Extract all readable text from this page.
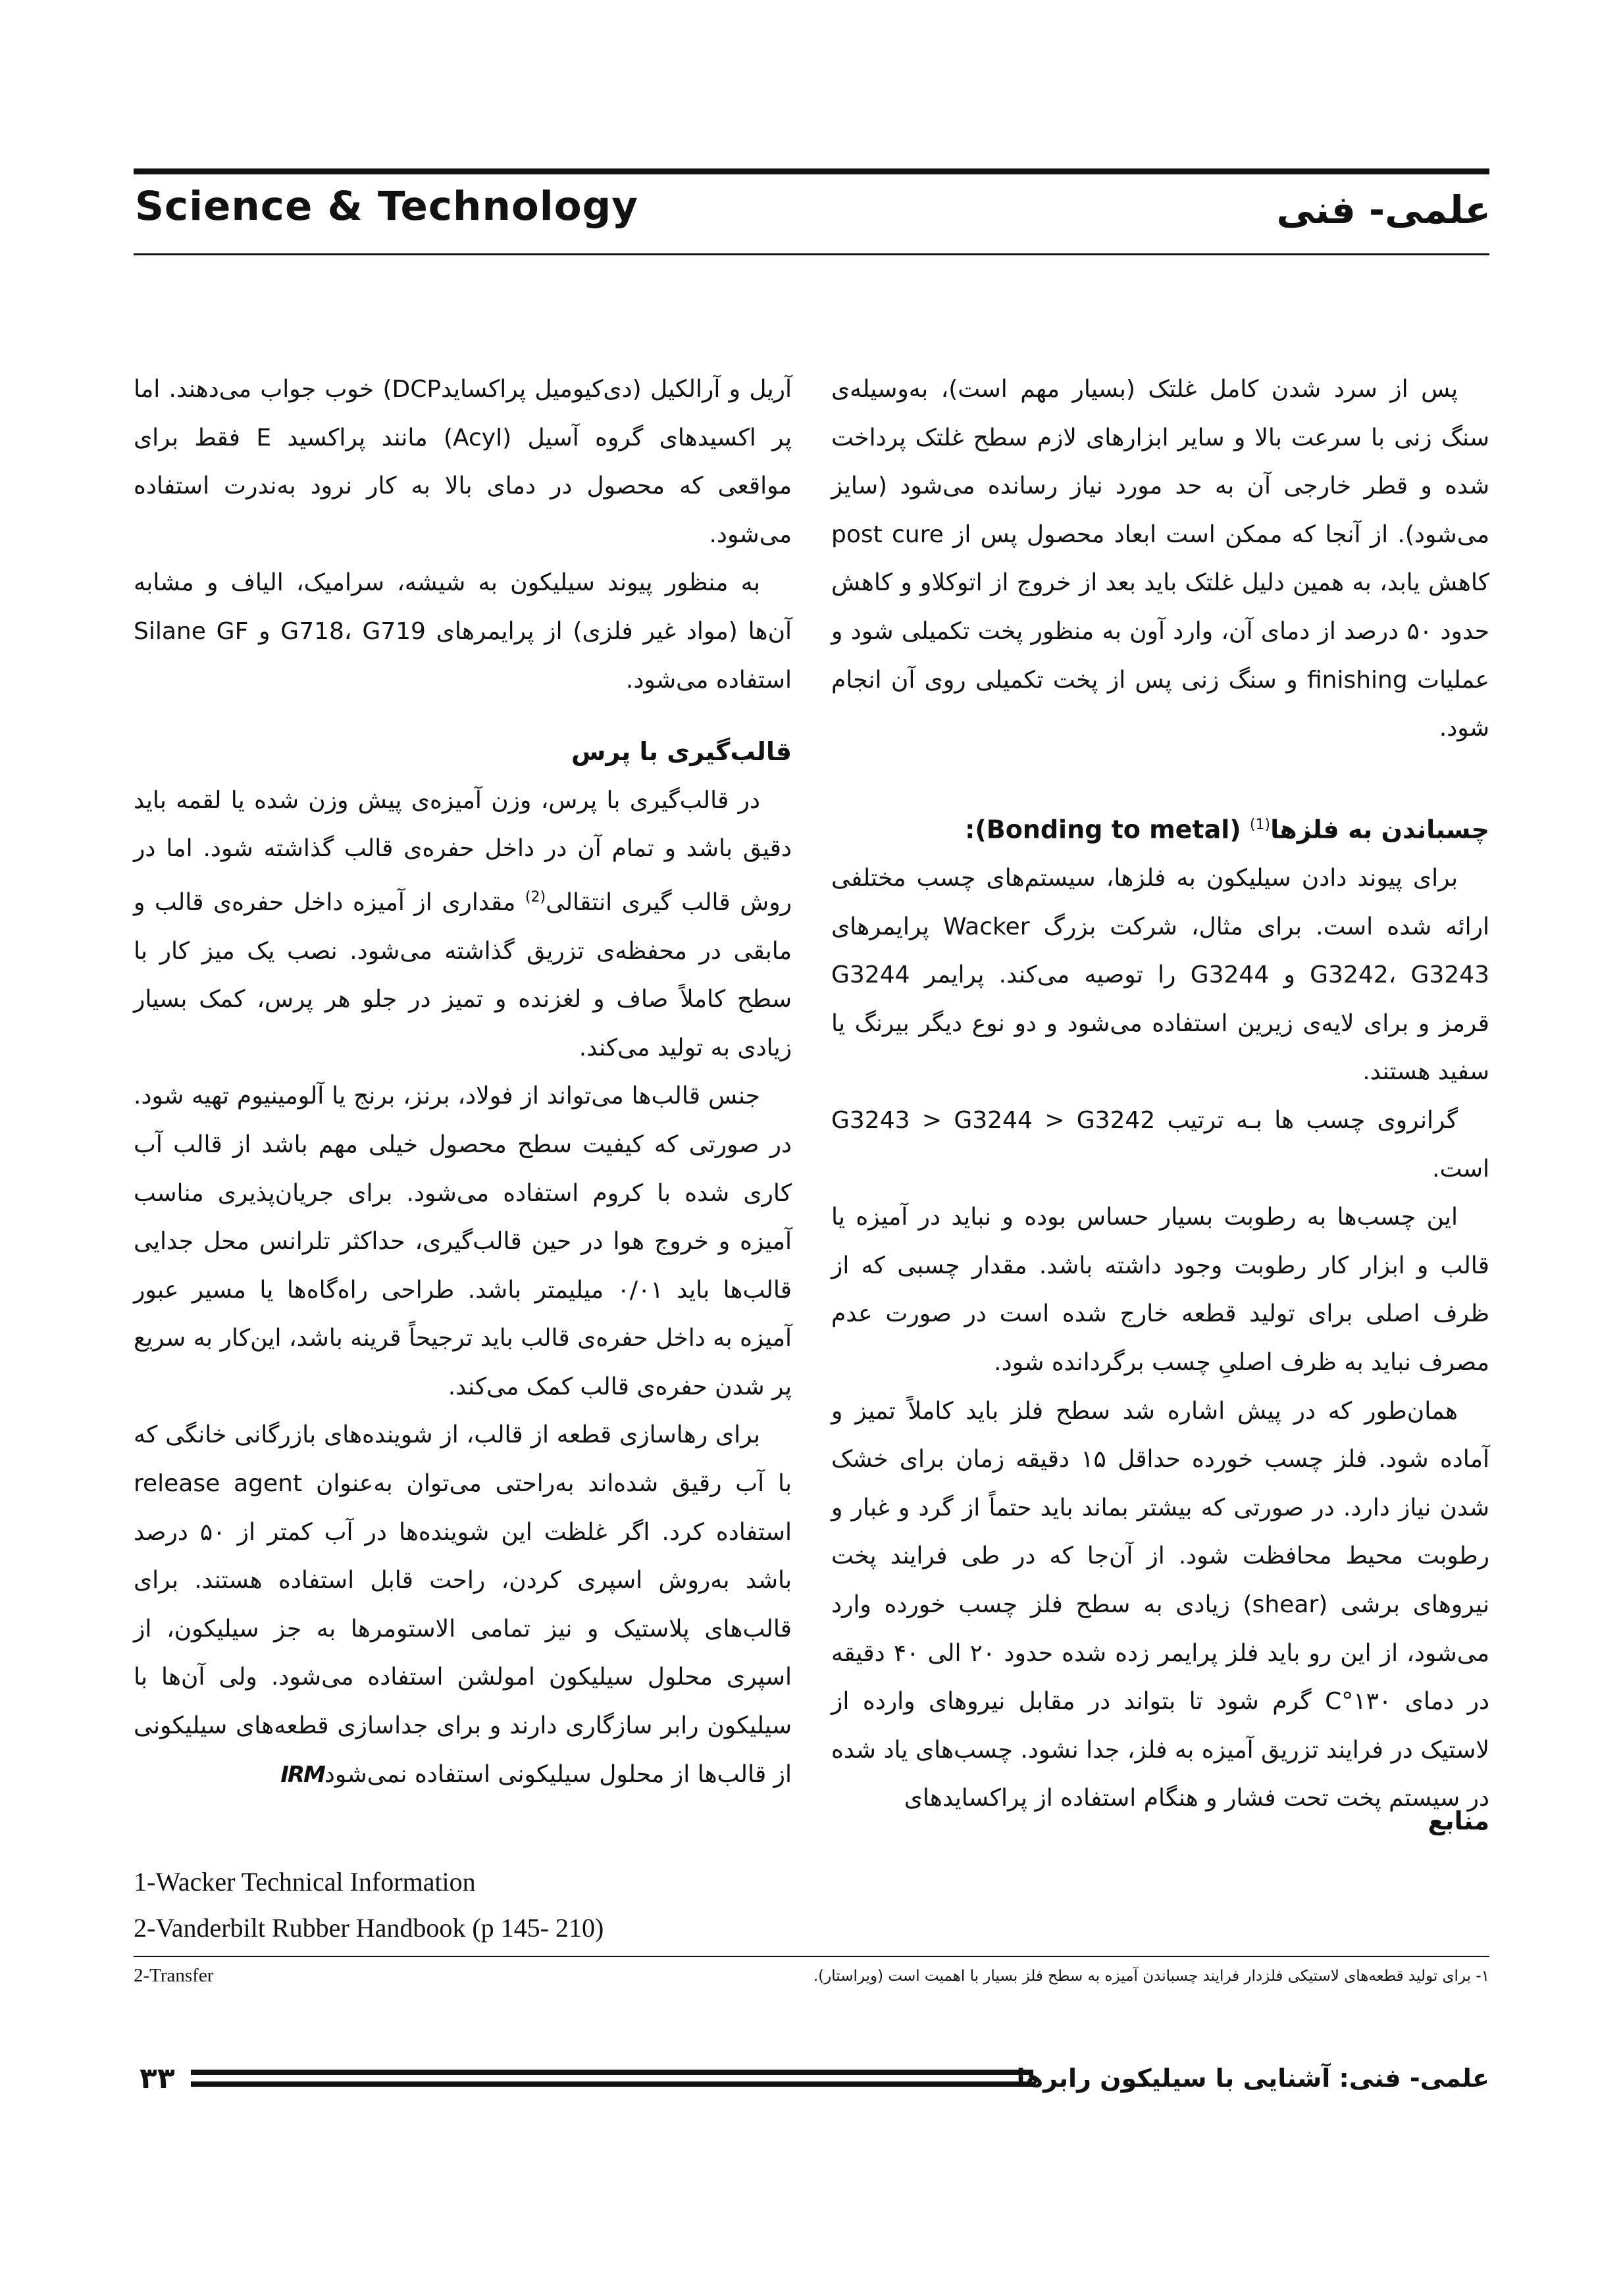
Science & Technology	علمی- فنی

پس از سرد شدن کامل غلتک (بسیار مهم است)، به‌وسیله‌ی سنگ زنی با سرعت بالا و سایر ابزارهای لازم سطح غلتک پرداخت شده و قطر خارجی آن به حد مورد نیاز رسانده می‌شود (سایز می‌شود). از آنجا که ممکن است ابعاد محصول پس از post cure کاهش یابد، به همین دلیل غلتک باید بعد از خروج از اتوکلاو و کاهش حدود ۵۰ درصد از دمای آن، وارد آون به منظور پخت تکمیلی شود و عملیات finishing و سنگ زنی پس از پخت تکمیلی روی آن انجام شود.

چسباندن به فلزها$^{(1)}$ (Bonding to metal):

برای پیوند دادن سیلیکون به فلزها، سیستم‌های چسب مختلفی ارائه شده است. برای مثال، شرکت بزرگ Wacker پرایمرهای G3242، G3243 و G3244 را توصیه می‌کند. پرایمر G3244 قرمز و برای لایه‌ی زیرین استفاده می‌شود و دو نوع دیگر بیرنگ یا سفید هستند.

گرانروی چسب ها بـه ترتیب G3243 > G3244 > G3242 است.

این چسب‌ها به رطوبت بسیار حساس بوده و نباید در آمیزه یا قالب و ابزار کار رطوبت وجود داشته باشد. مقدار چسبی که از ظرف اصلی برای تولید قطعه خارج شده است در صورت عدم مصرف نباید به ظرف اصلیِ چسب برگردانده شود.

همان‌طور که در پیش اشاره شد سطح فلز باید کاملاً تمیز و آماده شود. فلز چسب خورده حداقل ۱۵ دقیقه زمان برای خشک شدن نیاز دارد. در صورتی که بیشتر بماند باید حتماً از گرد و غبار و رطوبت محیط محافظت شود. از آن‌جا که در طی فرایند پخت نیروهای برشی (shear) زیادی به سطح فلز چسب خورده وارد می‌شود، از این رو باید فلز پرایمر زده شده حدود ۲۰ الی ۴۰ دقیقه در دمای ۱۳۰°C گرم شود تا بتواند در مقابل نیروهای وارده از لاستیک در فرایند تزریق آمیزه به فلز، جدا نشود. چسب‌های یاد شده در سیستم پخت تحت فشار و هنگام استفاده از پراکسایدهای

آریل و آرالکیل (دی‌کیومیل پراکسایدDCP) خوب جواب می‌دهند. اما پر اکسیدهای گروه آسیل (Acyl) مانند پراکسید E فقط برای مواقعی که محصول در دمای بالا به کار نرود به‌ندرت استفاده می‌شود.

به منظور پیوند سیلیکون به شیشه، سرامیک، الیاف و مشابه آن‌ها (مواد غیر فلزی) از پرایمرهای G718، G719 و Silane GF استفاده می‌شود.

قالب‌گیری با پرس

در قالب‌گیری با پرس، وزن آمیزه‌ی پیش وزن شده یا لقمه باید دقیق باشد و تمام آن در داخل حفره‌ی قالب گذاشته شود. اما در روش قالب گیری انتقالی$^{(2)}$ مقداری از آمیزه داخل حفره‌ی قالب و مابقی در محفظه‌ی تزریق گذاشته می‌شود. نصب یک میز کار با سطح کاملاً صاف و لغزنده و تمیز در جلو هر پرس، کمک بسیار زیادی به تولید می‌کند.

جنس قالب‌ها می‌تواند از فولاد، برنز، برنج یا آلومینیوم تهیه شود. در صورتی که کیفیت سطح محصول خیلی مهم باشد از قالب آب کاری شده با کروم استفاده می‌شود. برای جریان‌پذیری مناسب آمیزه و خروج هوا در حین قالب‌گیری، حداکثر تلرانس محل جدایی قالب‌ها باید ۰/۰۱ میلیمتر باشد. طراحی راه‌گاه‌ها یا مسیر عبور آمیزه به داخل حفره‌ی قالب باید ترجیحاً قرینه باشد، این‌کار به سریع پر شدن حفره‌ی قالب کمک می‌کند.

برای رهاسازی قطعه از قالب، از شوینده‌های بازرگانی خانگی که با آب رقیق شده‌اند به‌راحتی می‌توان به‌عنوان release agent استفاده کرد. اگر غلظت این شوینده‌ها در آب کمتر از ۵۰ درصد باشد به‌روش اسپری کردن، راحت قابل استفاده هستند. برای قالب‌های پلاستیک و نیز تمامی الاستومرها به جز سیلیکون، از اسپری محلول سیلیکون امولشن استفاده می‌شود. ولی آن‌ها با سیلیکون رابر سازگاری دارند و برای جداسازی قطعه‌های سیلیکونی از قالب‌ها از محلول سیلیکونی استفاده نمی‌شودIRM

منابع
1-Wacker Technical Information
2-Vanderbilt Rubber Handbook (p 145- 210)
2-Transfer	۱- برای تولید قطعه‌های لاستیکی فلزدار فرایند چسباندن آمیزه به سطح فلز بسیار با اهمیت است (ویراستار).
۳۳	علمی- فنی: آشنایی با سیلیکون رابرها
